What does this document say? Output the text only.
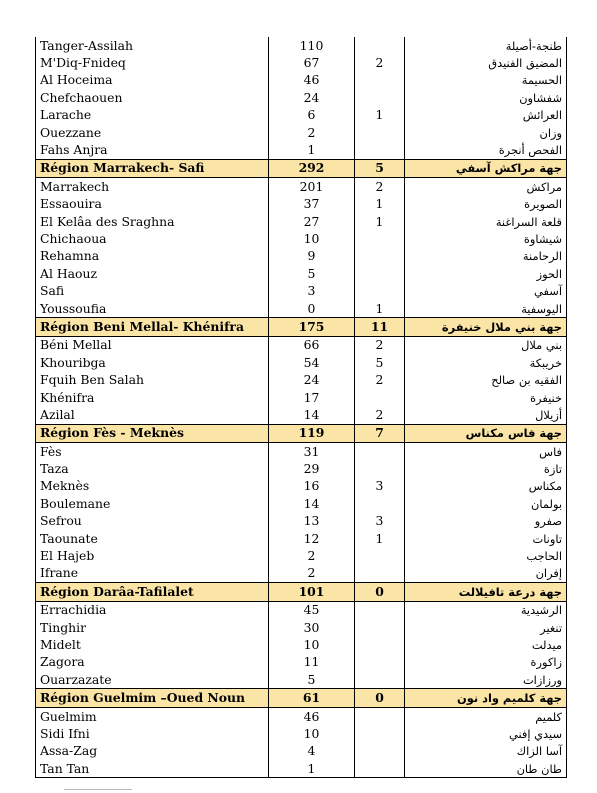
Tanger-Assilah	110		طنجة-أصيلة
M'Diq-Fnideq	67	2	المضيق الفنيدق
Al Hoceima	46		الحسيمة
Chefchaouen	24		شفشاون
Larache	6	1	العرائش
Ouezzane	2		وزان
Fahs Anjra	1		الفحص أنجرة
Région Marrakech- Safi	292	5	جهة مراكش آسفي
Marrakech	201	2	مراكش
Essaouira	37	1	الصويرة
El Kelâa des Sraghna	27	1	قلعة السراغنة
Chichaoua	10		شيشاوة
Rehamna	9		الرحامنة
Al Haouz	5		الحوز
Safi	3		آسفي
Youssoufia	0	1	اليوسفية
Région Beni Mellal- Khénifra	175	11	جهة بني ملال خنيفرة
Béni Mellal	66	2	بني ملال
Khouribga	54	5	خريبكة
Fquih Ben Salah	24	2	الفقيه بن صالح
Khénifra	17		خنيفرة
Azilal	14	2	أزيلال
Région Fès - Meknès	119	7	جهة فاس مكناس
Fès	31		فاس
Taza	29		تازة
Meknès	16	3	مكناس
Boulemane	14		بولمان
Sefrou	13	3	صفرو
Taounate	12	1	تاونات
El Hajeb	2		الحاجب
Ifrane	2		إفران
Région Darâa-Tafilalet	101	0	جهة درعة تافيلالت
Errachidia	45		الرشيدية
Tinghir	30		تنغير
Midelt	10		ميدلت
Zagora	11		زاكورة
Ouarzazate	5		ورزازات
Région Guelmim –Oued Noun	61	0	جهة كلميم واد نون
Guelmim	46		كلميم
Sidi Ifni	10		سيدي إفني
Assa-Zag	4		آسا الزاك
Tan Tan	1		طان طان
